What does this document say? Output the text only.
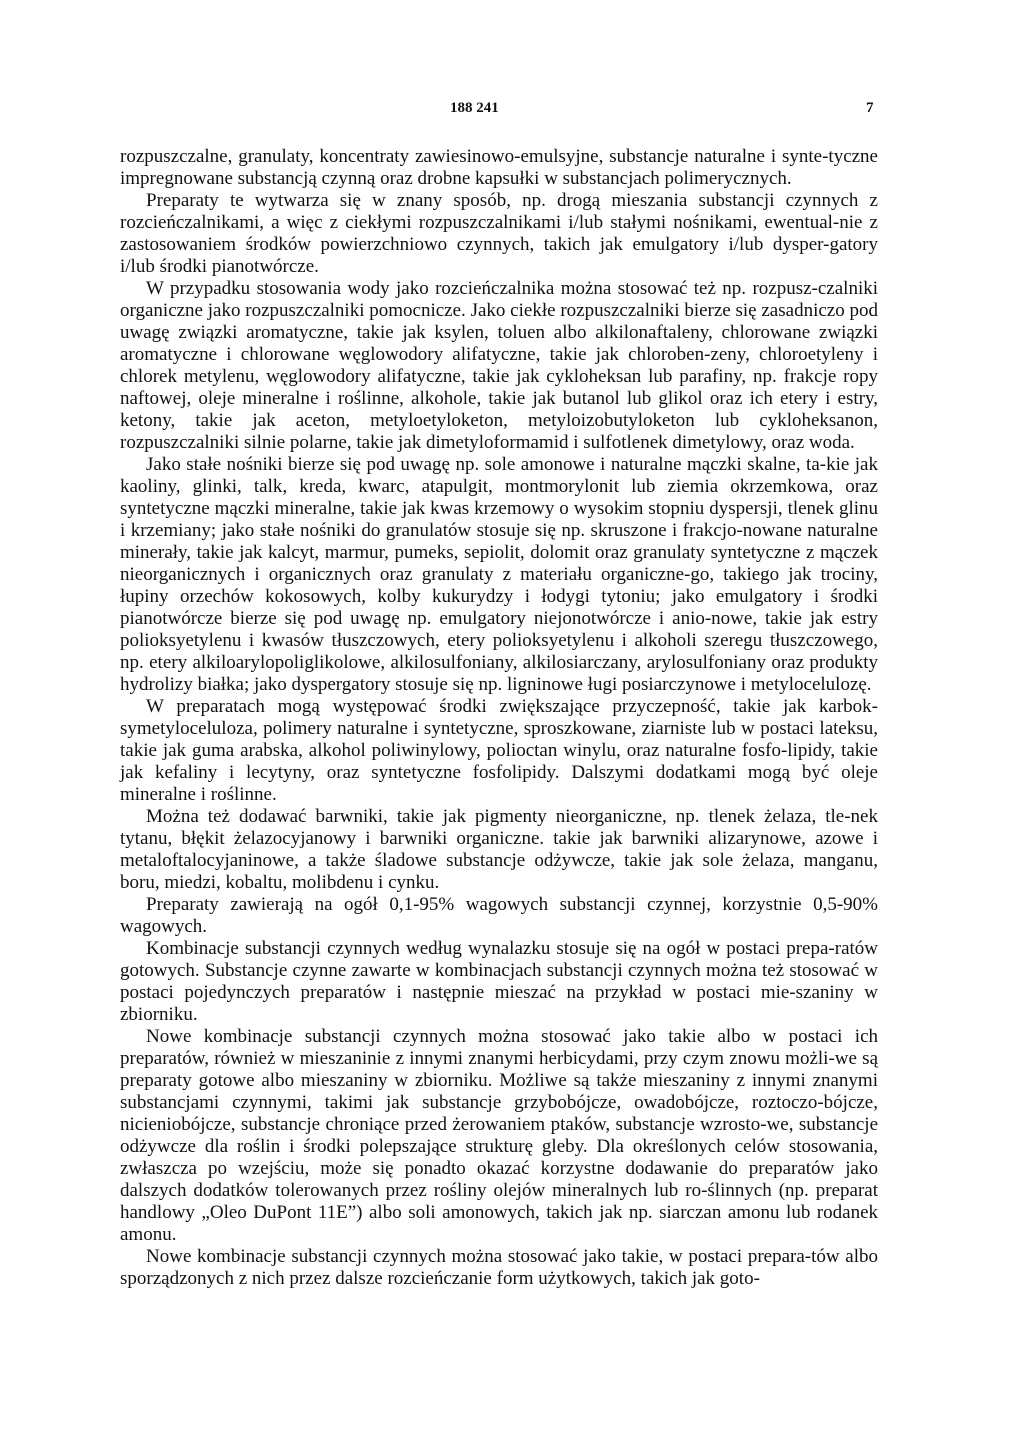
188 241	7

rozpuszczalne, granulaty, koncentraty zawiesinowo-emulsyjne, substancje naturalne i synte-tyczne impregnowane substancją czynną oraz drobne kapsułki w substancjach polimerycznych.

Preparaty te wytwarza się w znany sposób, np. drogą mieszania substancji czynnych z rozcieńczalnikami, a więc z ciekłymi rozpuszczalnikami i/lub stałymi nośnikami, ewentual-nie z zastosowaniem środków powierzchniowo czynnych, takich jak emulgatory i/lub dysper-gatory i/lub środki pianotwórcze.

W przypadku stosowania wody jako rozcieńczalnika można stosować też np. rozpusz-czalniki organiczne jako rozpuszczalniki pomocnicze. Jako ciekłe rozpuszczalniki bierze się zasadniczo pod uwagę związki aromatyczne, takie jak ksylen, toluen albo alkilonaftaleny, chlorowane związki aromatyczne i chlorowane węglowodory alifatyczne, takie jak chloroben-zeny, chloroetyleny i chlorek metylenu, węglowodory alifatyczne, takie jak cykloheksan lub parafiny, np. frakcje ropy naftowej, oleje mineralne i roślinne, alkohole, takie jak butanol lub glikol oraz ich etery i estry, ketony, takie jak aceton, metyloetyloketon, metyloizobutyloketon lub cykloheksanon, rozpuszczalniki silnie polarne, takie jak dimetyloformamid i sulfotlenek dimetylowy, oraz woda.

Jako stałe nośniki bierze się pod uwagę np. sole amonowe i naturalne mączki skalne, ta-kie jak kaoliny, glinki, talk, kreda, kwarc, atapulgit, montmorylonit lub ziemia okrzemkowa, oraz syntetyczne mączki mineralne, takie jak kwas krzemowy o wysokim stopniu dyspersji, tlenek glinu i krzemiany; jako stałe nośniki do granulatów stosuje się np. skruszone i frakcjo-nowane naturalne minerały, takie jak kalcyt, marmur, pumeks, sepiolit, dolomit oraz granulaty syntetyczne z mączek nieorganicznych i organicznych oraz granulaty z materiału organiczne-go, takiego jak trociny, łupiny orzechów kokosowych, kolby kukurydzy i łodygi tytoniu; jako emulgatory i środki pianotwórcze bierze się pod uwagę np. emulgatory niejonotwórcze i anio-nowe, takie jak estry polioksyetylenu i kwasów tłuszczowych, etery polioksyetylenu i alkoholi szeregu tłuszczowego, np. etery alkiloarylopoliglikolowe, alkilosulfoniany, alkilosiarczany, arylosulfoniany oraz produkty hydrolizy białka; jako dyspergatory stosuje się np. ligninowe ługi posiarczynowe i metylocelulozę.

W preparatach mogą występować środki zwiększające przyczepność, takie jak karbok-symetyloceluloza, polimery naturalne i syntetyczne, sproszkowane, ziarniste lub w postaci lateksu, takie jak guma arabska, alkohol poliwinylowy, polioctan winylu, oraz naturalne fosfo-lipidy, takie jak kefaliny i lecytyny, oraz syntetyczne fosfolipidy. Dalszymi dodatkami mogą być oleje mineralne i roślinne.

Można też dodawać barwniki, takie jak pigmenty nieorganiczne, np. tlenek żelaza, tle-nek tytanu, błękit żelazocyjanowy i barwniki organiczne. takie jak barwniki alizarynowe, azowe i metaloftalocyjaninowe, a także śladowe substancje odżywcze, takie jak sole żelaza, manganu, boru, miedzi, kobaltu, molibdenu i cynku.

Preparaty zawierają na ogół 0,1-95% wagowych substancji czynnej, korzystnie 0,5-90% wagowych.

Kombinacje substancji czynnych według wynalazku stosuje się na ogół w postaci prepa-ratów gotowych. Substancje czynne zawarte w kombinacjach substancji czynnych można też stosować w postaci pojedynczych preparatów i następnie mieszać na przykład w postaci mie-szaniny w zbiorniku.

Nowe kombinacje substancji czynnych można stosować jako takie albo w postaci ich preparatów, również w mieszaninie z innymi znanymi herbicydami, przy czym znowu możli-we są preparaty gotowe albo mieszaniny w zbiorniku. Możliwe są także mieszaniny z innymi znanymi substancjami czynnymi, takimi jak substancje grzybobójcze, owadobójcze, roztoczo-bójcze, nicieniobójcze, substancje chroniące przed żerowaniem ptaków, substancje wzrosto-we, substancje odżywcze dla roślin i środki polepszające strukturę gleby. Dla określonych celów stosowania, zwłaszcza po wzejściu, może się ponadto okazać korzystne dodawanie do preparatów jako dalszych dodatków tolerowanych przez rośliny olejów mineralnych lub ro-ślinnych (np. preparat handlowy „Oleo DuPont 11E”) albo soli amonowych, takich jak np. siarczan amonu lub rodanek amonu.

Nowe kombinacje substancji czynnych można stosować jako takie, w postaci prepara-tów albo sporządzonych z nich przez dalsze rozcieńczanie form użytkowych, takich jak goto-
